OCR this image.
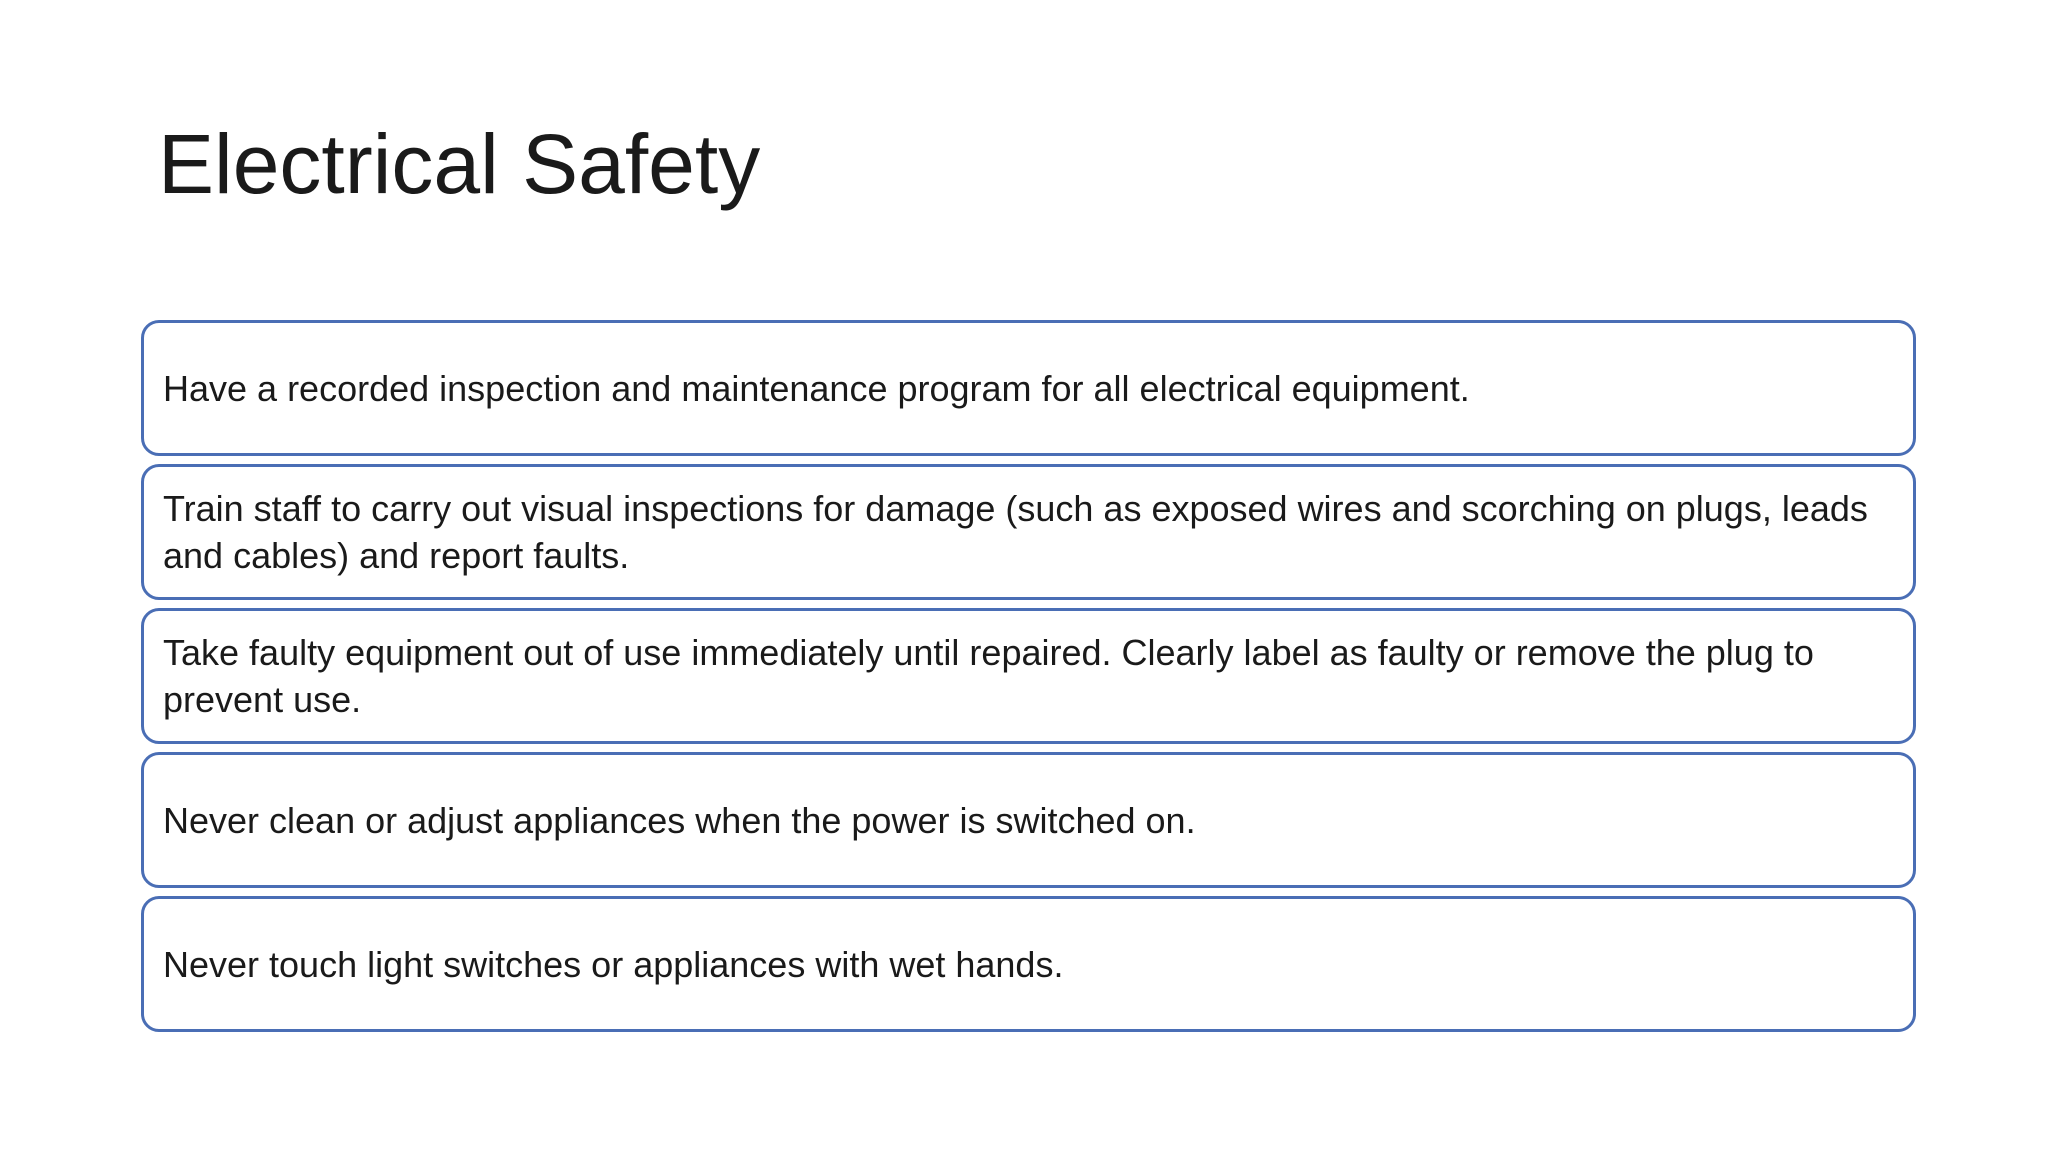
Electrical Safety

Have a recorded inspection and maintenance program for all electrical equipment.

Train staff to carry out visual inspections for damage (such as exposed wires and scorching on plugs, leads and cables) and report faults.

Take faulty equipment out of use immediately until repaired. Clearly label as faulty or remove the plug to prevent use.

Never clean or adjust appliances when the power is switched on.

Never touch light switches or appliances with wet hands.
